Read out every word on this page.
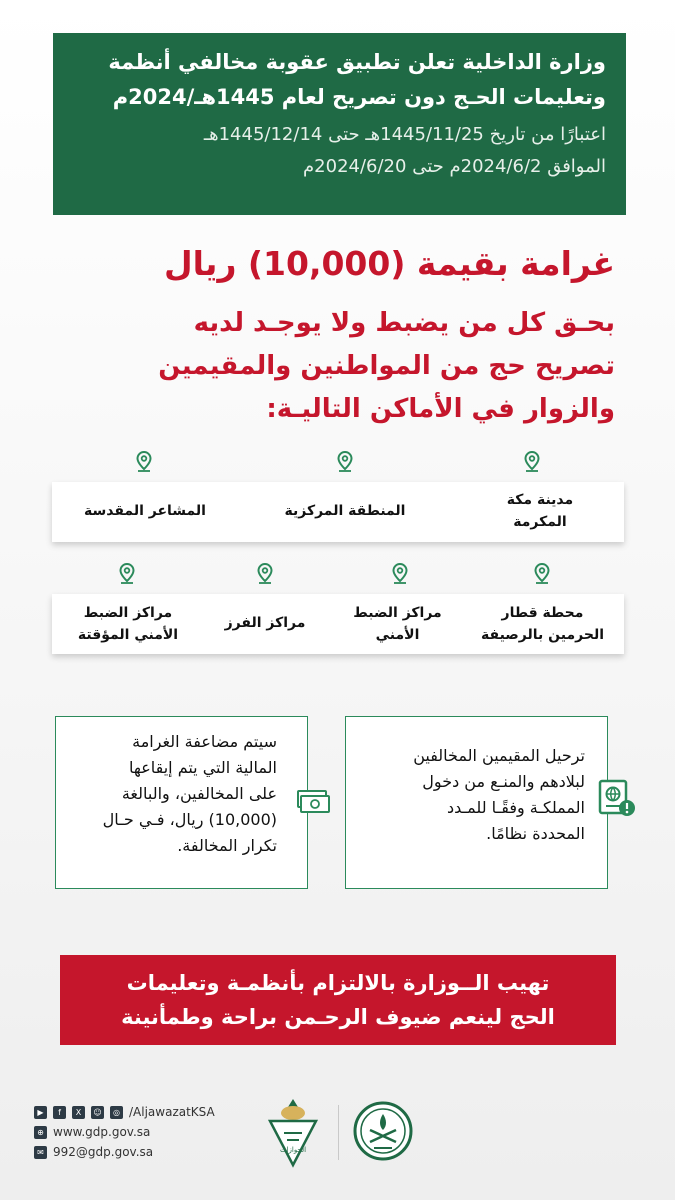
وزارة الداخلية تعلن تطبيق عقوبة مخالفي أنظمة
وتعليمات الحـج دون تصريح لعام 1445هـ/2024م
اعتبارًا من تاريخ 1445/11/25هـ حتى 1445/12/14هـ
الموافق 2024/6/2م حتى 2024/6/20م
غرامة بقيمة (10,000) ريال
بحـق كل من يضبط ولا يوجـد لديه
تصريح حج من المواطنين والمقيمين
والزوار في الأماكن التاليـة:
مدينة مكة
المكرمة
المنطقة المركزية
المشاعر المقدسة
محطة قطار
الحرمين بالرصيفة
مراكز الضبط
الأمني
مراكز الفرز
مراكز الضبط
الأمني المؤقتة
ترحيل المقيمين المخالفين
لبلادهم والمنـع من دخول
المملكـة وفقًـا للمـدد
المحددة نظامًا.
سيتم مضاعفة الغرامة
المالية التي يتم إيقاعها
على المخالفين، والبالغة
(10,000) ريال، فـي حـال
تكرار المخالفة.
تهيب الــوزارة بالالتزام بأنظمـة وتعليمات
الحج لينعم ضيوف الرحـمن براحة وطمأنينة
▶	f	X	☺	◎ /AljawazatKSA
⊕ www.gdp.gov.sa
✉ 992@gdp.gov.sa	الجوازات
